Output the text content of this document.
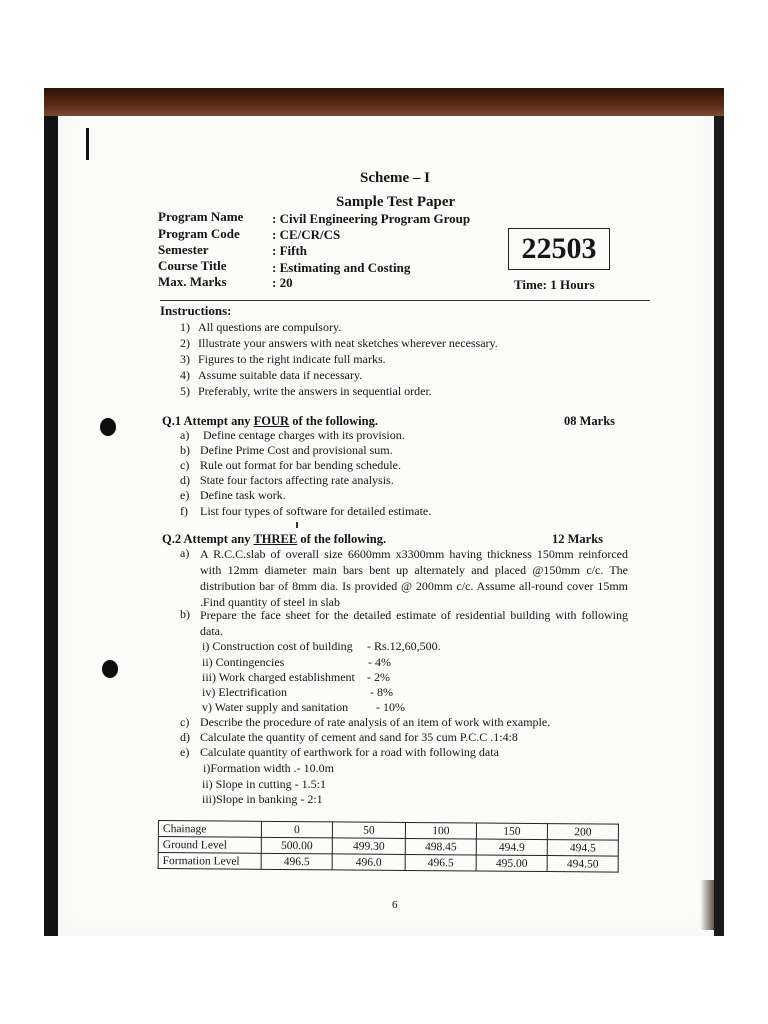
Scheme – I
Sample Test Paper
Program Name : Civil Engineering Program Group
Program Code : CE/CR/CS
Semester	: Fifth
Course Title	: Estimating and Costing
Max. Marks	: 20
22503
Time: 1 Hours
Instructions:
1) All questions are compulsory.
2) Illustrate your answers with neat sketches wherever necessary.
3) Figures to the right indicate full marks.
4) Assume suitable data if necessary.
5) Preferably, write the answers in sequential order.
Q.1 Attempt any FOUR of the following.	08 Marks
a) Define centage charges with its provision.
b) Define Prime Cost and provisional sum.
c) Rule out format for bar bending schedule.
d) State four factors affecting rate analysis.
e) Define task work.
f) List four types of software for detailed estimate.
Q.2 Attempt any THREE of the following.	12 Marks
a) A R.C.C.slab of overall size 6600mm x3300mm having thickness 150mm reinforced with 12mm diameter main bars bent up alternately and placed @150mm c/c. The distribution bar of 8mm dia. Is provided @ 200mm c/c. Assume all-round cover 15mm .Find quantity of steel in slab
b) Prepare the face sheet for the detailed estimate of residential building with following data.
i) Construction cost of building - Rs.12,60,500.
ii) Contingencies	- 4%
iii) Work charged establishment - 2%
iv) Electrification	- 8%
v) Water supply and sanitation - 10%
c) Describe the procedure of rate analysis of an item of work with example.
d) Calculate the quantity of cement and sand for 35 cum P.C.C .1:4:8
e) Calculate quantity of earthwork for a road with following data
i)Formation width .- 10.0m
ii) Slope in cutting - 1.5:1
iii)Slope in banking - 2:1
Chainage	0	50	100	150	200
Ground Level	500.00	499.30	498.45	494.9	494.5
Formation Level	496.5	496.0	496.5	495.00	494.50
6
